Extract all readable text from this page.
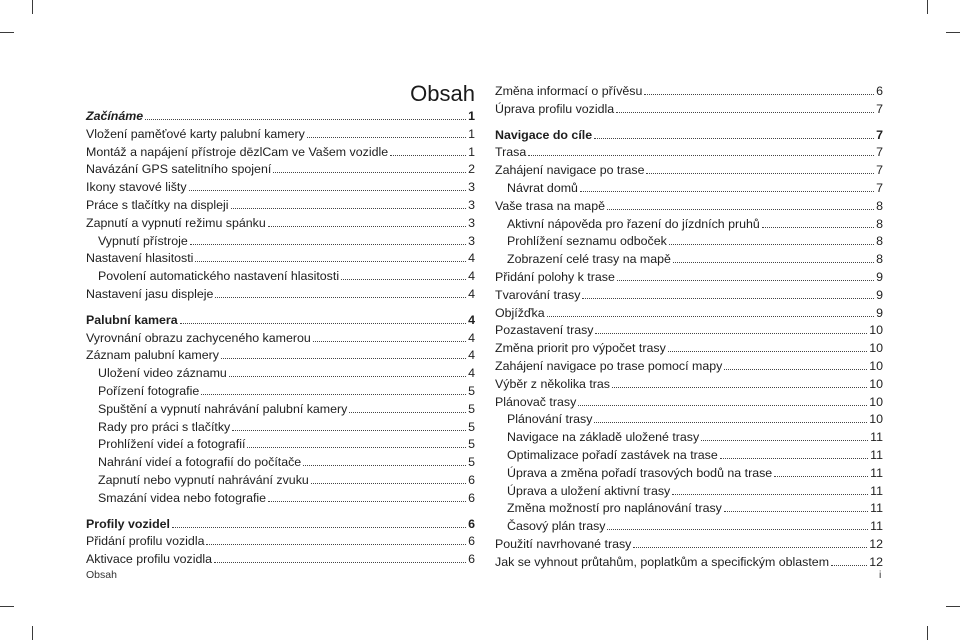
Obsah
Začínáme	1
Vložení paměťové karty palubní kamery	1
Montáž a napájení přístroje dēzlCam ve Vašem vozidle	1
Navázání GPS satelitního spojení	2
Ikony stavové lišty	3
Práce s tlačítky na displeji	3
Zapnutí a vypnutí režimu spánku	3
Vypnutí přístroje	3
Nastavení hlasitosti	4
Povolení automatického nastavení hlasitosti	4
Nastavení jasu displeje	4
Palubní kamera	4
Vyrovnání obrazu zachyceného kamerou	4
Záznam palubní kamery	4
Uložení video záznamu	4
Pořízení fotografie	5
Spuštění a vypnutí nahrávání palubní kamery	5
Rady pro práci s tlačítky	5
Prohlížení videí a fotografií	5
Nahrání videí a fotografií do počítače	5
Zapnutí nebo vypnutí nahrávání zvuku	6
Smazání videa nebo fotografie	6
Profily vozidel	6
Přidání profilu vozidla	6
Aktivace profilu vozidla	6
Změna informací o přívěsu	6
Úprava profilu vozidla	7
Navigace do cíle	7
Trasa	7
Zahájení navigace po trase	7
Návrat domů	7
Vaše trasa na mapě	8
Aktivní nápověda pro řazení do jízdních pruhů	8
Prohlížení seznamu odboček	8
Zobrazení celé trasy na mapě	8
Přidání polohy k trase	9
Tvarování trasy	9
Objížďka	9
Pozastavení trasy	10
Změna priorit pro výpočet trasy	10
Zahájení navigace po trase pomocí mapy	10
Výběr z několika tras	10
Plánovač trasy	10
Plánování trasy	10
Navigace na základě uložené trasy	11
Optimalizace pořadí zastávek na trase	11
Úprava a změna pořadí trasových bodů na trase	11
Úprava a uložení aktivní trasy	11
Změna možností pro naplánování trasy	11
Časový plán trasy	11
Použití navrhované trasy	12
Jak se vyhnout průtahům, poplatkům a specifickým oblastem	12
Obsah	i
